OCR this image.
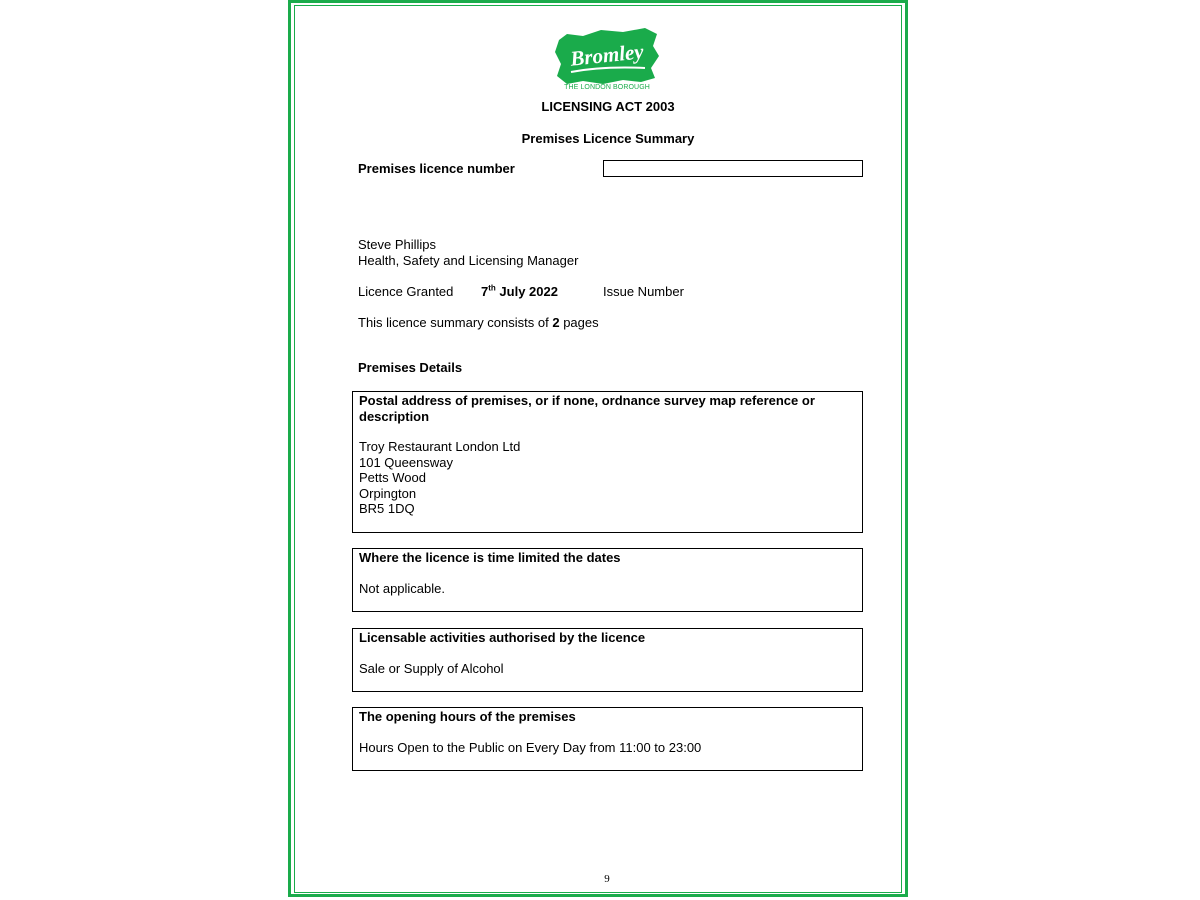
Bromley
THE LONDON BOROUGH
LICENSING ACT 2003
Premises Licence Summary
Premises licence number
Steve Phillips
Health, Safety and Licensing Manager
Licence Granted 7th July 2022	Issue Number
This licence summary consists of 2 pages
Premises Details
Postal address of premises, or if none, ordnance survey map reference or description
Troy Restaurant London Ltd
101 Queensway
Petts Wood
Orpington
BR5 1DQ
Where the licence is time limited the dates
Not applicable.
Licensable activities authorised by the licence
Sale or Supply of Alcohol
The opening hours of the premises
Hours Open to the Public on Every Day from 11:00 to 23:00
9
